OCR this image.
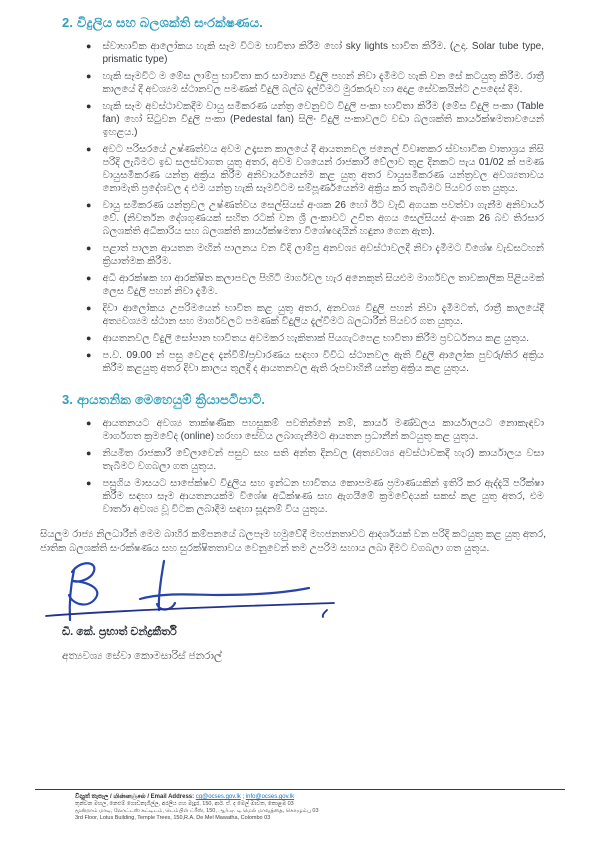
2. විදුලිය සහ බලශක්ති සංරක්ෂණය.
● ස්වාභාවික ආලෝකය හැකි සෑම විටම භාවිතා කිරීම හෝ sky lights භාවිත කිරීම. (උදා. Solar tube type, prismatic type)
● හැකි සෑමවිට ම මේස ලාම්පු භාවිතා කර සාමාන්‍ය විදුලි පහන් නිවා දැමීමට හැකි වන සේ කටයුතු කිරීම. රාත්‍රී කාලයේ දී අවශ්‍යම ස්ථානවල පමණක් විදුලි බල්බ දැල්වීමට මුරකරුව හා අදාළ සේවකයින්ට උපදෙස් දීම.
● හැකි සෑම අවස්ථාවකදීම වායු සමීකරණ යන්ත්‍ර වෙනුවට විදුලි පංකා භාවිතා කිරීම (මේස විදුලි පංකා (Table fan) හෝ සිටුවන විදුලි පංකා (Pedestal fan) සිලිං විදුලි පංකාවලට වඩා බලශක්ති කාර්යක්ෂමතාවයෙන් ඉහළය.)
● අවට පරිසරයේ උෂ්ණත්වය අවම උදෑසන කාලයේ දී ආයතනවල ජනෙල් විවෘතකර ස්වභාවික වාතාශ්‍රය නිසි පරිදි ලැබීමට ඉඩ සලස්වාගත යුතු අතර, අවම වශයෙන් රාජකාරී වේලාව තුළ දිනකට පැය 01/02 ක් පමණ වායුසමීකරණ යන්ත්‍ර අක්‍රිය කිරීම අනිවාර්යයෙන්ම කළ යුතු අතර වායුසමීකරණ යන්ත්‍රවල අවශ්‍යතාවය නොමැති ප්‍රදේශවල ද එම යන්ත්‍ර හැකි සෑමවිටම සම්පූර්ණයෙන්ම අක්‍රිය කර තැබීමට පියවර ගත යුතුය.
● වායු සමීකරණ යන්ත්‍රවල උෂ්ණත්වය සෙල්සියස් අංශක 26 හෝ ඊට වැඩි අගයක පවත්වා ගැනීම අනිවාර්ය වේ. (නිවර්තන දේශගුණයක් සහිත රටක් වන ශ්‍රී ලංකාවට උචිත අගය සෙල්සියස් අංශක 26 බව තිරසාර බලශක්ති අධිකාරිය සහ බලශක්ති කාර්යක්ෂමතා විශේෂඥයින් හඳුනා ගෙන ඇත).
● පළාත් පාලන ආයතන මඟින් පාලනය වන වීදි ලාම්පු අනවශ්‍ය අවස්ථාවලදී නිවා දැමීමට විශේෂ වැඩසටහන් ක්‍රියාත්මක කිරීම.
● අධි ආරක්ෂක හා ආරක්ෂිත කලාපවල පිහිටි මාර්ගවල හැර අනෙකුත් සියළුම මාර්ගවල තාවකාලික පිළියමක් ලෙස විදුලි පහන් නිවා දැමීම.
● දිවා ආලෝකය උපරිමයෙන් භාවිත කළ යුතු අතර, අනවශ්‍ය විදුලි පහන් නිවා දැමීමටත්, රාත්‍රී කාලයේදී අත්‍යවශ්‍යම ස්ථාන සහ මාර්ගවලට පමණක් විදුලිය දැල්වීමට බලධාරීන් පියවර ගත යුතුය.
● ආයතනවල විදුලි සෝපාන භාවිතය අවමකර හැකිතාක් පියගැටපෙළ භාවිතා කිරීම ප්‍රවර්ධනය කළ යුතුය.
● ප.ව. 09.00 න් පසු වෙළඳ දැන්වීම්/ප්‍රචාරණය සඳහා විවිධ ස්ථානවල ඇති විදුලි ආලෝක පුවරු/තිර අක්‍රිය කිරීම කළයුතු අතර දිවා කාලය තුලදී ද ආයතනවල ඇති රූපවාහිනී යන්ත්‍ර අක්‍රිය කළ යුතුය.
3. ආයතනික මෙහෙයුම් ක්‍රියාපටිපාටි.
● ආයතනයට අවශ්‍ය තාක්ෂණික පහසුකම් පවතින්නේ නම්, කාර්ය මණ්ඩලය කාර්යාලයට නොකැඳවා මාර්ගගත ක්‍රමවේද (online) හරහා සේවය ලබාගැනීමට ආයතන ප්‍රධානීන් කටයුතු කළ යුතුය.
● නියමිත රාජකාරී වේලාවෙන් පසුව සහ සති අන්ත දිනවල (අත්‍යවශ්‍ය අවස්ථාවකදී හැර) කාර්යාලය වසා තැබීමට වගබලා ගත යුතුය.
● පසුගිය මාසයට සාපේක්ෂව විදුලිය සහ ඉන්ධන භාවිතය කොපමණ ප්‍රමාණයකින් ඉතිරි කර ඇද්දැයි පරීක්ෂා කිරීම සඳහා සෑම ආයතනයක්ම විශේෂ අධීක්ෂණ සහ ඇගයීමේ ක්‍රමවේදයක් සකස් කළ යුතු අතර, එම වාර්තා අවශ්‍ය වූ විටක ලබාදීම සඳහා සූදානම් විය යුතුය.

සියලුම රාජ්‍ය නිලධාරීන් මෙම බාහිර කම්පනයේ බලපෑම හමුවේදී මහජනතාවට ආදර්ශයක් වන පරිදි කටයුතු කළ යුතු අතර, ජාතික බලශක්ති සංරක්ෂණය සහ සුරක්ෂිතතාවය වෙනුවෙන් තම උපරිම සහාය ලබා දීමට වගබලා ගත යුතුය.

ඩී. කේ. ප්‍රභාත් චන්ද්‍රකීර්ති

අත්‍යවශ්‍ය සේවා කොමසාරිස් ජනරාල්

විද්‍යුත් තැපෑල / மின்னஞ்சல் / Email Address: cg@ocses.gov.lk ; info@ocses.gov.lk
තුන්වන මහල, නෙළුම් ගොඩනැගිල්ල, අරලිය ගහ මැදුර, 150, ආර්. ඒ. ද මෙල් මාවත, කොළඹ 03
மூன்றாம் மாடி, லோட்டஸ் கட்டிடம், டெம்பிள் ட்ரீஸ், 150, ஆர்.ஏ. டி மெல் மாவத்தை, கொழும்பு 03
3rd Floor, Lotus Building, Temple Trees, 150,R.A. De Mel Mawatha, Colombo 03
